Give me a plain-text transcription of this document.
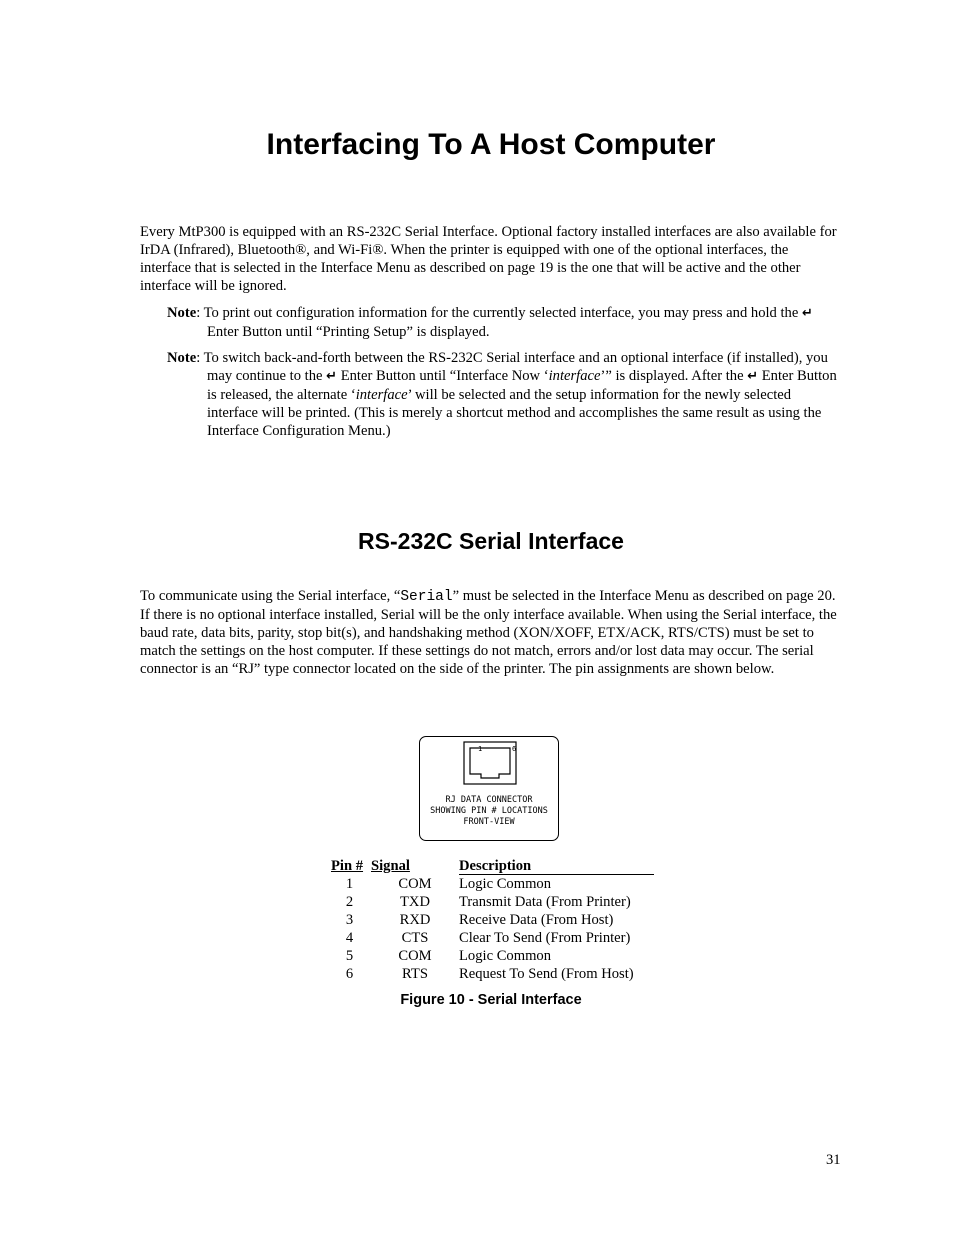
Interfacing To A Host Computer

Every MtP300 is equipped with an RS-232C Serial Interface. Optional factory installed interfaces are also available for IrDA (Infrared), Bluetooth®, and Wi-Fi®. When the printer is equipped with one of the optional interfaces, the interface that is selected in the Interface Menu as described on page 19 is the one that will be active and the other interface will be ignored.

Note: To print out configuration information for the currently selected interface, you may press and hold the ↵ Enter Button until “Printing Setup” is displayed.

Note: To switch back-and-forth between the RS-232C Serial interface and an optional interface (if installed), you may continue to the ↵ Enter Button until “Interface Now ‘interface’” is displayed. After the ↵ Enter Button is released, the alternate ‘interface’ will be selected and the setup information for the newly selected interface will be printed. (This is merely a shortcut method and accomplishes the same result as using the Interface Configuration Menu.)

RS-232C Serial Interface

To communicate using the Serial interface, “Serial” must be selected in the Interface Menu as described on page 20. If there is no optional interface installed, Serial will be the only interface available. When using the Serial interface, the baud rate, data bits, parity, stop bit(s), and handshaking method (XON/XOFF, ETX/ACK, RTS/CTS) must be set to match the settings on the host computer. If these settings do not match, errors and/or lost data may occur. The serial connector is an “RJ” type connector located on the side of the printer. The pin assignments are shown below.

1	6
RJ DATA CONNECTOR
SHOWING PIN # LOCATIONS
FRONT-VIEW
Pin #	Signal	Description
1	COM	Logic Common
2	TXD	Transmit Data (From Printer)
3	RXD	Receive Data (From Host)
4	CTS	Clear To Send (From Printer)
5	COM	Logic Common
6	RTS	Request To Send (From Host)

Figure 10 - Serial Interface

31
